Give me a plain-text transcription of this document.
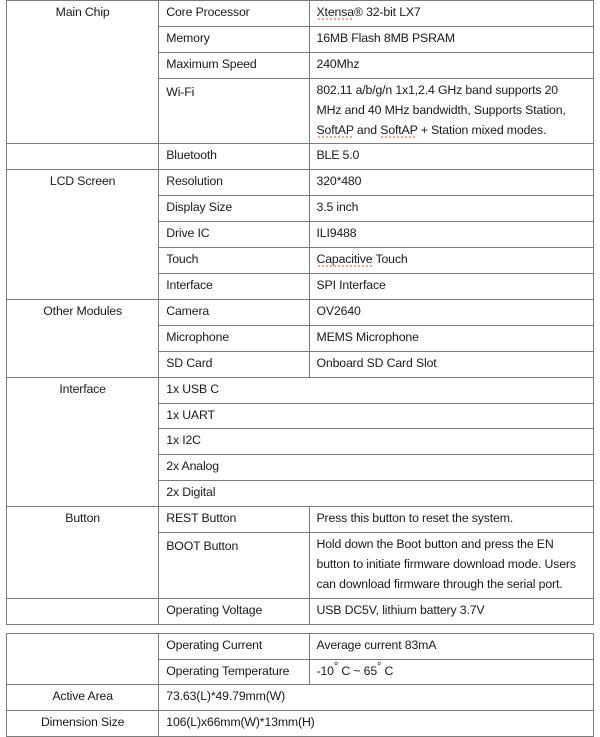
Main Chip	Core Processor	Xtensa® 32-bit LX7
	Memory	16MB Flash 8MB PSRAM
	Maximum Speed	240Mhz
	Wi-Fi	802.11 a/b/g/n 1x1,2.4 GHz band supports 20 MHz and 40 MHz bandwidth, Supports Station, SoftAP and SoftAP + Station mixed modes.
	Bluetooth	BLE 5.0
LCD Screen	Resolution	320*480
	Display Size	3.5 inch
	Drive IC	ILI9488
	Touch	Capacitive Touch
	Interface	SPI Interface
Other Modules	Camera	OV2640
	Microphone	MEMS Microphone
	SD Card	Onboard SD Card Slot
Interface	1x USB C	
	1x UART	
	1x I2C	
	2x Analog	
	2x Digital	
Button	REST Button	Press this button to reset the system.
	BOOT Button	Hold down the Boot button and press the EN button to initiate firmware download mode. Users can download firmware through the serial port.
	Operating Voltage	USB DC5V, lithium battery 3.7V
	Operating Current	Average current 83mA
	Operating Temperature	-10° C ~ 65° C
Active Area	73.63(L)*49.79mm(W)	
Dimension Size	106(L)x66mm(W)*13mm(H)	
